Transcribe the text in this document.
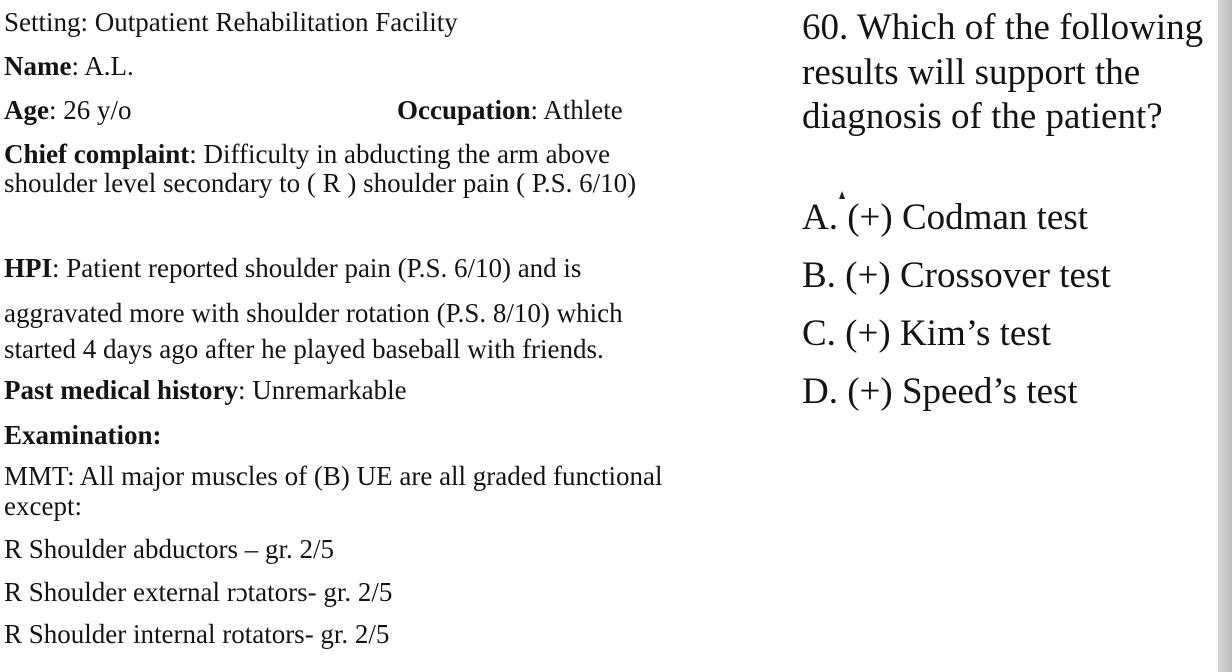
Setting: Outpatient Rehabilitation Facility
Name: A.L.
Age: 26 y/o	Occupation: Athlete
Chief complaint: Difficulty in abducting the arm above
shoulder level secondary to ( R ) shoulder pain ( P.S. 6/10)
HPI: Patient reported shoulder pain (P.S. 6/10) and is
aggravated more with shoulder rotation (P.S. 8/10) which
started 4 days ago after he played baseball with friends.
Past medical history: Unremarkable
Examination:
MMT: All major muscles of (B) UE are all graded functional
except:
R Shoulder abductors – gr. 2/5
R Shoulder external rɔtators- gr. 2/5
R Shoulder internal rotators- gr. 2/5
60. Which of the following results will support the diagnosis of the patient?
A. (+) Codman test
B. (+) Crossover test
C. (+) Kim’s test
D. (+) Speed’s test
